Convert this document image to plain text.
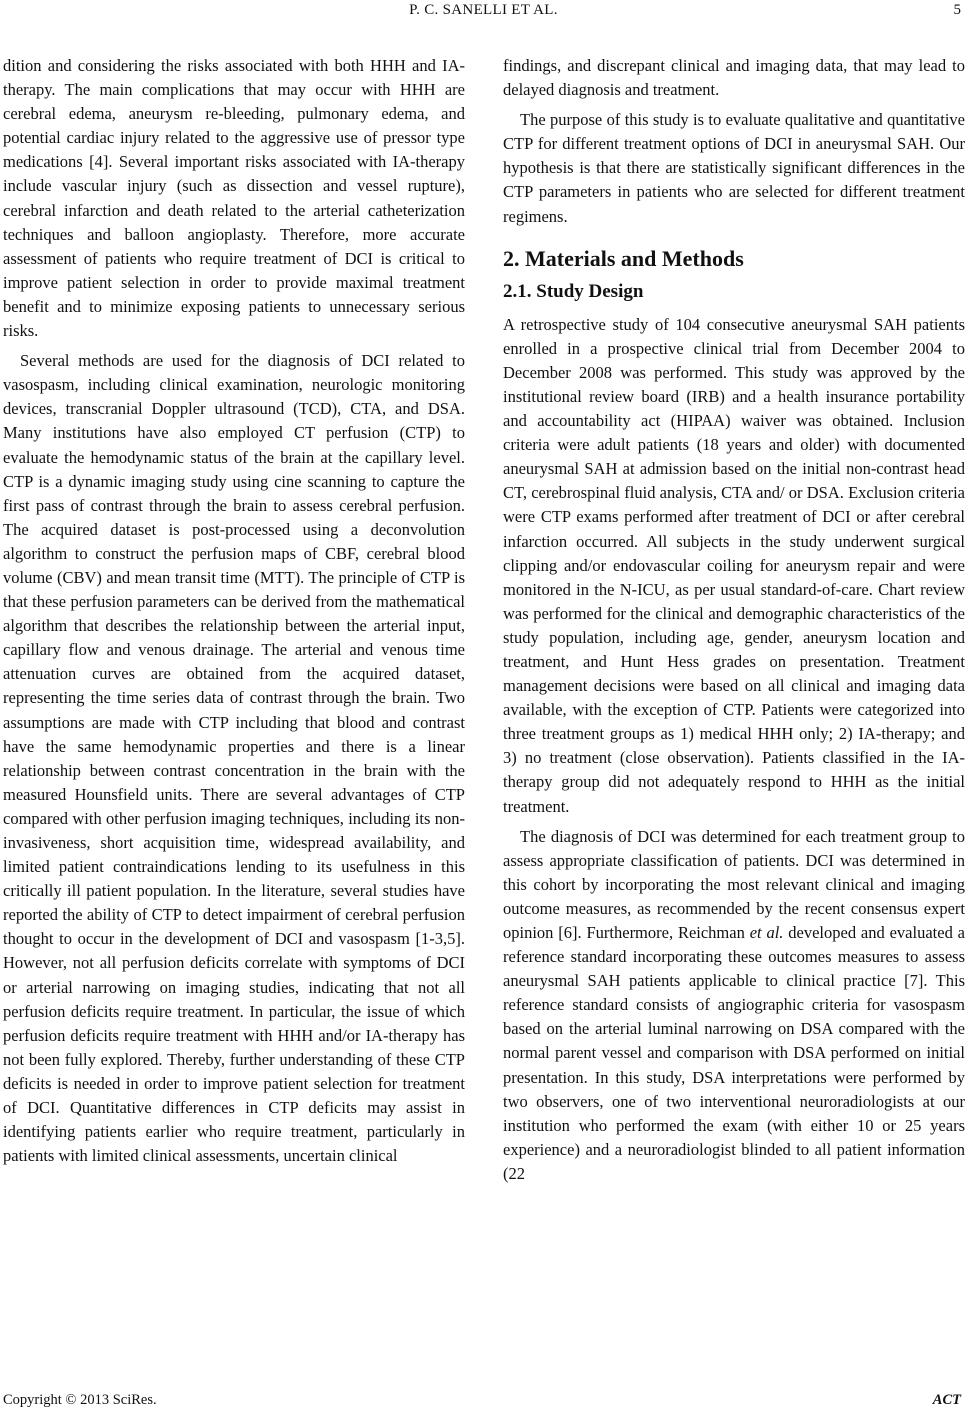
P. C. SANELLI ET AL.	5

dition and considering the risks associated with both HHH and IA-therapy. The main complications that may occur with HHH are cerebral edema, aneurysm re-bleeding, pulmonary edema, and potential cardiac injury related to the aggressive use of pressor type medications [4]. Several important risks associated with IA-therapy include vascular injury (such as dissection and vessel rupture), cerebral infarction and death related to the arterial catheterization techniques and balloon angioplasty. Therefore, more accurate assessment of patients who require treatment of DCI is critical to improve patient selection in order to provide maximal treatment benefit and to minimize exposing patients to unnecessary serious risks.

Several methods are used for the diagnosis of DCI related to vasospasm, including clinical examination, neurologic monitoring devices, transcranial Doppler ultrasound (TCD), CTA, and DSA. Many institutions have also employed CT perfusion (CTP) to evaluate the hemodynamic status of the brain at the capillary level. CTP is a dynamic imaging study using cine scanning to capture the first pass of contrast through the brain to assess cerebral perfusion. The acquired dataset is post-processed using a deconvolution algorithm to construct the perfusion maps of CBF, cerebral blood volume (CBV) and mean transit time (MTT). The principle of CTP is that these perfusion parameters can be derived from the mathematical algorithm that describes the relationship between the arterial input, capillary flow and venous drainage. The arterial and venous time attenuation curves are obtained from the acquired dataset, representing the time series data of contrast through the brain. Two assumptions are made with CTP including that blood and contrast have the same hemodynamic properties and there is a linear relationship between contrast concentration in the brain with the measured Hounsfield units. There are several advantages of CTP compared with other perfusion imaging techniques, including its non-invasiveness, short acquisition time, widespread availability, and limited patient contraindications lending to its usefulness in this critically ill patient population. In the literature, several studies have reported the ability of CTP to detect impairment of cerebral perfusion thought to occur in the development of DCI and vasospasm [1-3,5]. However, not all perfusion deficits correlate with symptoms of DCI or arterial narrowing on imaging studies, indicating that not all perfusion deficits require treatment. In particular, the issue of which perfusion deficits require treatment with HHH and/or IA-therapy has not been fully explored. Thereby, further understanding of these CTP deficits is needed in order to improve patient selection for treatment of DCI. Quantitative differences in CTP deficits may assist in identifying patients earlier who require treatment, particularly in patients with limited clinical assessments, uncertain clinical

findings, and discrepant clinical and imaging data, that may lead to delayed diagnosis and treatment.

The purpose of this study is to evaluate qualitative and quantitative CTP for different treatment options of DCI in aneurysmal SAH. Our hypothesis is that there are statistically significant differences in the CTP parameters in patients who are selected for different treatment regimens.

2. Materials and Methods
2.1. Study Design

A retrospective study of 104 consecutive aneurysmal SAH patients enrolled in a prospective clinical trial from December 2004 to December 2008 was performed. This study was approved by the institutional review board (IRB) and a health insurance portability and accountability act (HIPAA) waiver was obtained. Inclusion criteria were adult patients (18 years and older) with documented aneurysmal SAH at admission based on the initial non-contrast head CT, cerebrospinal fluid analysis, CTA and/ or DSA. Exclusion criteria were CTP exams performed after treatment of DCI or after cerebral infarction occurred. All subjects in the study underwent surgical clipping and/or endovascular coiling for aneurysm repair and were monitored in the N-ICU, as per usual standard-of-care. Chart review was performed for the clinical and demographic characteristics of the study population, including age, gender, aneurysm location and treatment, and Hunt Hess grades on presentation. Treatment management decisions were based on all clinical and imaging data available, with the exception of CTP. Patients were categorized into three treatment groups as 1) medical HHH only; 2) IA-therapy; and 3) no treatment (close observation). Patients classified in the IA-therapy group did not adequately respond to HHH as the initial treatment.

The diagnosis of DCI was determined for each treatment group to assess appropriate classification of patients. DCI was determined in this cohort by incorporating the most relevant clinical and imaging outcome measures, as recommended by the recent consensus expert opinion [6]. Furthermore, Reichman et al. developed and evaluated a reference standard incorporating these outcomes measures to assess aneurysmal SAH patients applicable to clinical practice [7]. This reference standard consists of angiographic criteria for vasospasm based on the arterial luminal narrowing on DSA compared with the normal parent vessel and comparison with DSA performed on initial presentation. In this study, DSA interpretations were performed by two observers, one of two interventional neuroradiologists at our institution who performed the exam (with either 10 or 25 years experience) and a neuroradiologist blinded to all patient information (22

Copyright © 2013 SciRes.	ACT
